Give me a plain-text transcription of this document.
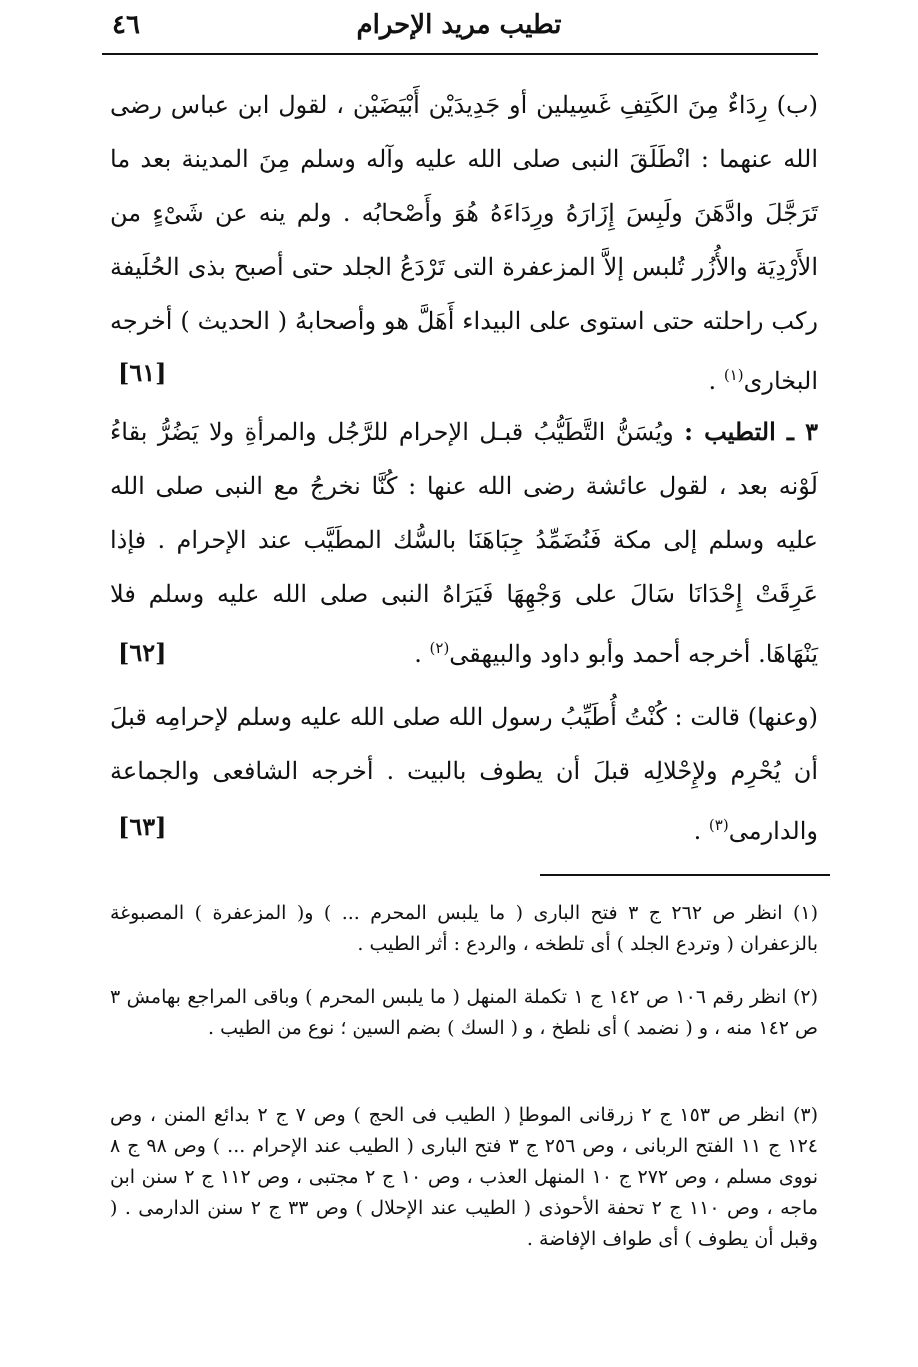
تطيب مريد الإحرام
٤٦
(ب) رِدَاءٌ مِنَ الكَتِفِ غَسِيلين أو جَدِيدَيْن أَبْيَضَيْن ، لقول ابن عباس رضى الله عنهما : انْطَلَقَ النبى صلى الله عليه وآله وسلم مِنَ المدينة بعد ما تَرَجَّلَ وادَّهَنَ ولَبِسَ إِزَارَهُ ورِدَاءَهُ هُوَ وأَصْحابُه . ولم ينه عن شَىْءٍ من الأَرْدِيَة والأُزُر تُلبس إلاَّ المزعفرة التى تَرْدَعُ الجلد حتى أصبح بذى الحُلَيفة ركب راحلته حتى استوى على البيداء أَهَلَّ هو وأصحابهُ ( الحديث ) أخرجه البخارى$^{(١)}$ .
[٦١]
٣ ـ التطيب : ويُسَنُّ التَّطَيُّبُ قبـل الإحرام للرَّجُل والمرأةِ ولا يَضُرُّ بقاءُ لَوْنه بعد ، لقول عائشة رضى الله عنها : كُنَّا نخرجُ مع النبى صلى الله عليه وسلم إلى مكة فَنُضَمِّدُ جِبَاهَنَا بالسُّك المطَيَّب عند الإحرام . فإذا عَرِقَتْ إِحْدَانَا سَالَ على وَجْهِهَا فَيَرَاهُ النبى صلى الله عليه وسلم فلا يَنْهَاهَا. أخرجه أحمد وأبو داود والبيهقى$^{(٢)}$ .
[٦٢]
(وعنها) قالت : كُنْتُ أُطَيِّبُ رسول الله صلى الله عليه وسلم لإحرامِه قبلَ أن يُحْرِم ولإِحْلالِه قبلَ أن يطوف بالبيت . أخرجه الشافعى والجماعة والدارمى$^{(٣)}$ .
[٦٣]
(١) انظر ص ٢٦٢ ج ٣ فتح البارى ( ما يلبس المحرم ... ) و( المزعفرة ) المصبوغة بالزعفران ( وتردع الجلد ) أى تلطخه ، والردع : أثر الطيب .
(٢) انظر رقم ١٠٦ ص ١٤٢ ج ١ تكملة المنهل ( ما يلبس المحرم ) وباقى المراجع بهامش ٣ ص ١٤٢ منه ، و ( نضمد ) أى نلطخ ، و ( السك ) بضم السين ؛ نوع من الطيب .
(٣) انظر ص ١٥٣ ج ٢ زرقانى الموطإ ( الطيب فى الحج ) وص ٧ ج ٢ بدائع المنن ، وص ١٢٤ ج ١١ الفتح الربانى ، وص ٢٥٦ ج ٣ فتح البارى ( الطيب عند الإحرام ... ) وص ٩٨ ج ٨ نووى مسلم ، وص ٢٧٢ ج ١٠ المنهل العذب ، وص ١٠ ج ٢ مجتبى ، وص ١١٢ ج ٢ سنن ابن ماجه ، وص ١١٠ ج ٢ تحفة الأحوذى ( الطيب عند الإحلال ) وص ٣٣ ج ٢ سنن الدارمى . ( وقبل أن يطوف ) أى طواف الإفاضة .
